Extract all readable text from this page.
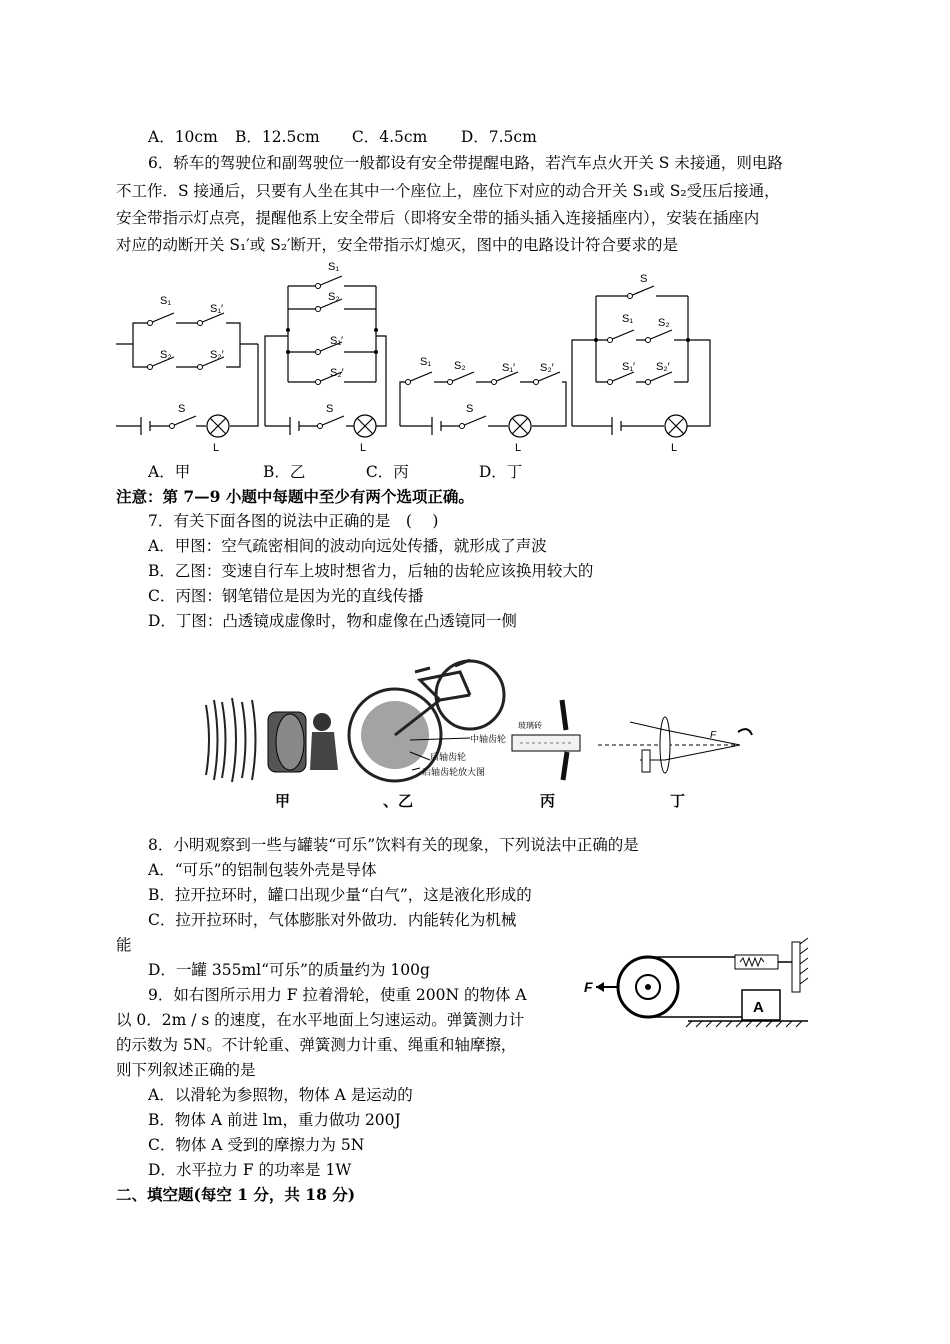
A．10cm B．12.5cm C．4.5cm D．7.5cm
6．轿车的驾驶位和副驾驶位一般都设有安全带提醒电路，若汽车点火开关 S 未接通，则电路
不工作．S 接通后，只要有人坐在其中一个座位上，座位下对应的动合开关 S₁或 S₂受压后接通，
安全带指示灯点亮，提醒他系上安全带后（即将安全带的插头插入连接插座内），安装在插座内
对应的动断开关 S₁′或 S₂′断开，安全带指示灯熄灭，图中的电路设计符合要求的是
S₁
S₁′
S₂	S₂′
S
L
S₁
S₂
S₁′
S₂′
S
L
S₁ S₂	S₁′ S₂′
S
L
S
S₁ S₂
S₁′ S₂′
L
A．甲	B．乙	C．丙	D．丁
注意：第 7—9 小题中每题中至少有两个选项正确。
7．有关下面各图的说法中正确的是　(　 )
A．甲图：空气疏密相间的波动向远处传播，就形成了声波
B．乙图：变速自行车上坡时想省力，后轴的齿轮应该换用较大的
C．丙图：钢笔错位是因为光的直线传播
D．丁图：凸透镜成虚像时，物和虚像在凸透镜同一侧
中轴齿轮
后轴齿轮
后轴齿轮放大图
玻璃砖
F
甲	、乙	丙	丁
8．小明观察到一些与罐装“可乐”饮料有关的现象，下列说法中正确的是
A．“可乐”的铝制包装外壳是导体
B．拉开拉环时，罐口出现少量“白气”，这是液化形成的
C．拉开拉环时，气体膨胀对外做功．内能转化为机械
能
D．一罐 355ml“可乐”的质量约为 100g
9．如右图所示用力 F 拉着滑轮，使重 200N 的物体 A
以 0．2m / s 的速度，在水平地面上匀速运动。弹簧测力计
的示数为 5N。不计轮重、弹簧测力计重、绳重和轴摩擦，
则下列叙述正确的是
A．以滑轮为参照物，物体 A 是运动的
B．物体 A 前进 lm，重力做功 200J
C．物体 A 受到的摩擦力为 5N
D．水平拉力 F 的功率是 1W
A
F
二、填空题(每空 1 分，共 18 分)
